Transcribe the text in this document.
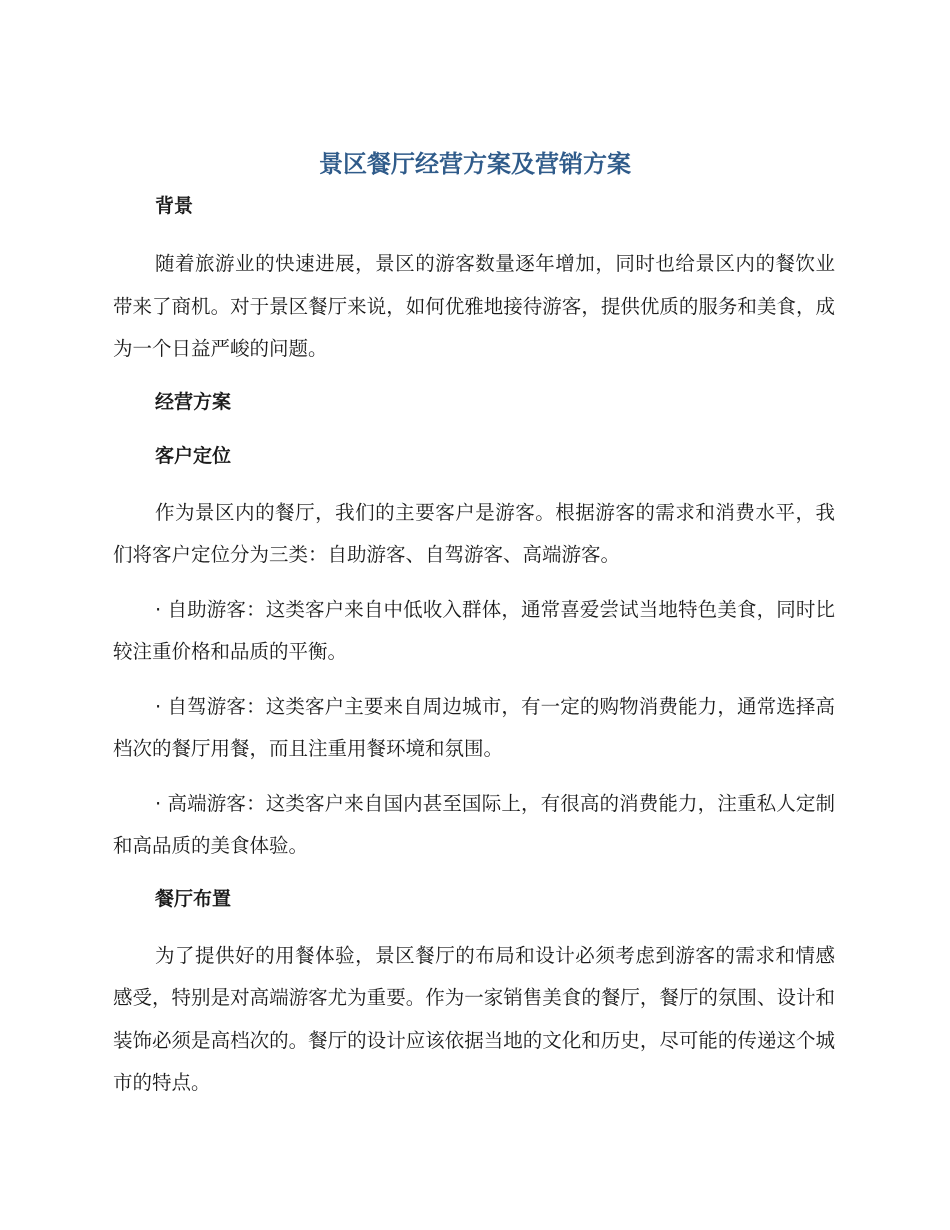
景区餐厅经营方案及营销方案

背景

随着旅游业的快速进展，景区的游客数量逐年增加，同时也给景区内的餐饮业带来了商机。对于景区餐厅来说，如何优雅地接待游客，提供优质的服务和美食，成为一个日益严峻的问题。

经营方案

客户定位

作为景区内的餐厅，我们的主要客户是游客。根据游客的需求和消费水平，我们将客户定位分为三类：自助游客、自驾游客、高端游客。

· 自助游客：这类客户来自中低收入群体，通常喜爱尝试当地特色美食，同时比较注重价格和品质的平衡。

· 自驾游客：这类客户主要来自周边城市，有一定的购物消费能力，通常选择高档次的餐厅用餐，而且注重用餐环境和氛围。

· 高端游客：这类客户来自国内甚至国际上，有很高的消费能力，注重私人定制和高品质的美食体验。

餐厅布置

为了提供好的用餐体验，景区餐厅的布局和设计必须考虑到游客的需求和情感感受，特别是对高端游客尤为重要。作为一家销售美食的餐厅，餐厅的氛围、设计和装饰必须是高档次的。餐厅的设计应该依据当地的文化和历史，尽可能的传递这个城市的特点。
